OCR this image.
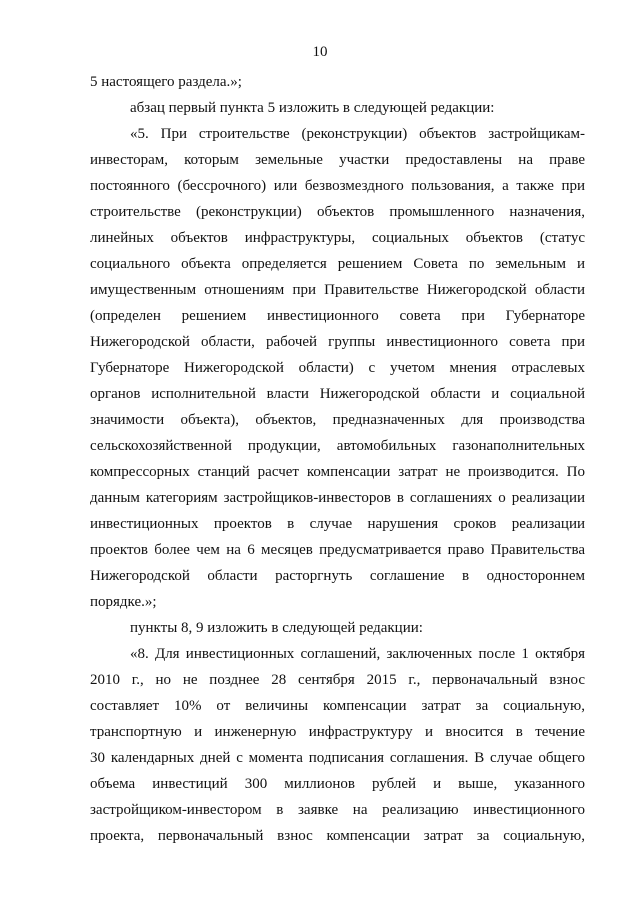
10
5 настоящего раздела.»;
абзац первый пункта 5 изложить в следующей редакции:
«5. При строительстве (реконструкции) объектов застройщикам-
инвесторам, которым земельные участки предоставлены на праве
постоянного (бессрочного) или безвозмездного пользования, а также при
строительстве (реконструкции) объектов промышленного назначения,
линейных объектов инфраструктуры, социальных объектов (статус
социального объекта определяется решением Совета по земельным и
имущественным отношениям при Правительстве Нижегородской области
(определен решением инвестиционного совета при Губернаторе
Нижегородской области, рабочей группы инвестиционного совета при
Губернаторе Нижегородской области) с учетом мнения отраслевых
органов исполнительной власти Нижегородской области и социальной
значимости объекта), объектов, предназначенных для производства
сельскохозяйственной продукции, автомобильных газонаполнительных
компрессорных станций расчет компенсации затрат не производится. По
данным категориям застройщиков-инвесторов в соглашениях о реализации
инвестиционных проектов в случае нарушения сроков реализации
проектов более чем на 6 месяцев предусматривается право Правительства
Нижегородской области расторгнуть соглашение в одностороннем
порядке.»;
пункты 8, 9 изложить в следующей редакции:
«8. Для инвестиционных соглашений, заключенных после 1 октября
2010 г., но не позднее 28 сентября 2015 г., первоначальный взнос
составляет 10% от величины компенсации затрат за социальную,
транспортную и инженерную инфраструктуру и вносится в течение
30 календарных дней с момента подписания соглашения. В случае общего
объема инвестиций 300 миллионов рублей и выше, указанного
застройщиком-инвестором в заявке на реализацию инвестиционного
проекта, первоначальный взнос компенсации затрат за социальную,
